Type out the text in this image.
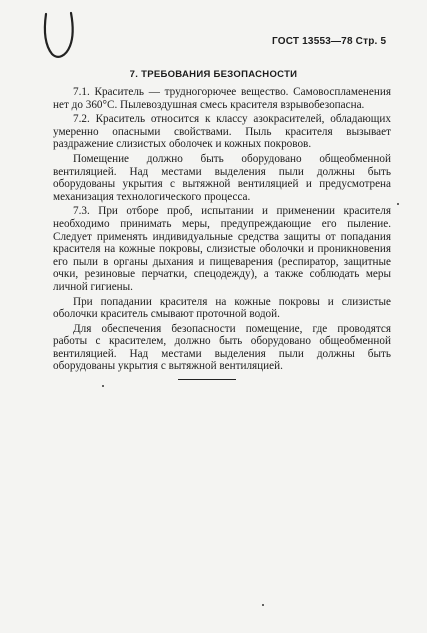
ГОСТ 13553—78 Стр. 5
7. ТРЕБОВАНИЯ БЕЗОПАСНОСТИ

7.1. Краситель — трудногорючее вещество. Самовоспламенения нет до 360°С. Пылевоздушная смесь красителя взрывобезопасна.

7.2. Краситель относится к классу азокрасителей, обладающих умеренно опасными свойствами. Пыль красителя вызывает раздражение слизистых оболочек и кожных покровов.

Помещение должно быть оборудовано общеобменной вентиляцией. Над местами выделения пыли должны быть оборудованы укрытия с вытяжной вентиляцией и предусмотрена механизация технологического процесса.

7.3. При отборе проб, испытании и применении красителя необходимо принимать меры, предупреждающие его пыление. Следует применять индивидуальные средства защиты от попадания красителя на кожные покровы, слизистые оболочки и проникновения его пыли в органы дыхания и пищеварения (респиратор, защитные очки, резиновые перчатки, спецодежду), а также соблюдать меры личной гигиены.

При попадании красителя на кожные покровы и слизистые оболочки краситель смывают проточной водой.

Для обеспечения безопасности помещение, где проводятся работы с красителем, должно быть оборудовано общеобменной вентиляцией. Над местами выделения пыли должны быть оборудованы укрытия с вытяжной вентиляцией.
